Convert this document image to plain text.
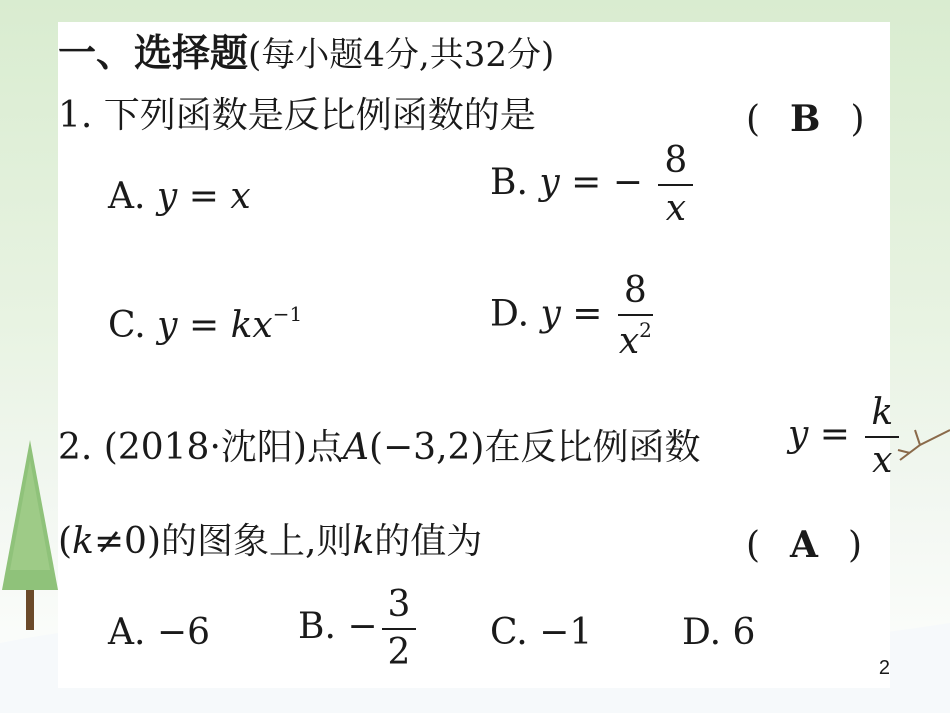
一、选择题(每小题4分,共32分)
1. 下列函数是反比例函数的是	( B )
A. y = x	B. y = − $\frac{8}{x}$
C. $y = kx^{-1}$	D. $y = \frac{8}{x^2}$
2. (2018·沈阳)点A(−3,2)在反比例函数 $y = \frac{k}{x}$
(k≠0)的图象上,则k的值为	( A )
A. −6 B. − $\frac{3}{2} C$. −1 D. 6
2
